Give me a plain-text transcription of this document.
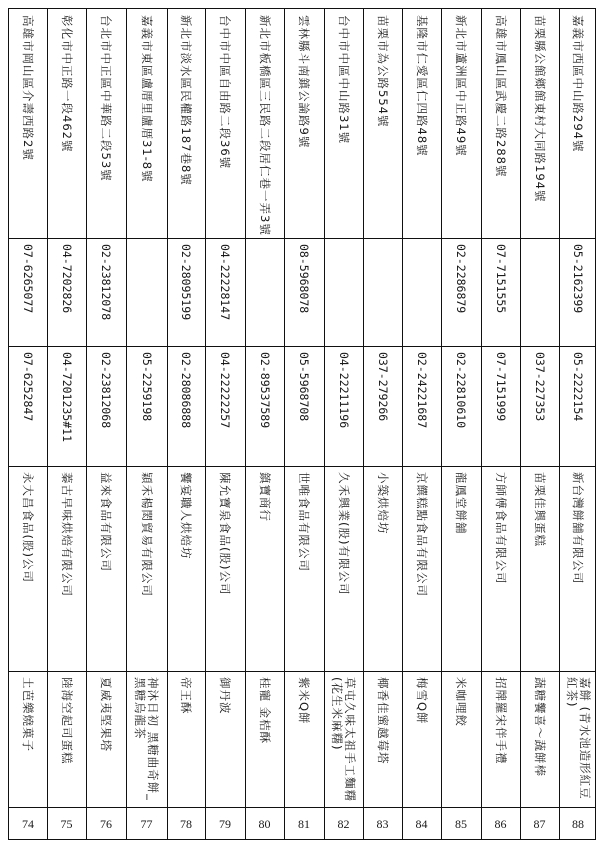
74
土芭樂燒菓子
永大昌食品(股)公司
07-6252847
07-6265077
高雄市岡山區介壽西路2號
75
陸海空起司蛋糕
蓁古早味烘焙有限公司
04-7201235#11
04-7202826
彰化市中正路一段462號
76
夏威夷堅果塔
益來食品有限公司
02-23812068
02-23812078
台北市中正區中華路二段53號
77
神沐日初 黑糖曲奇餅_黑糖烏龍茶
穎禾楊閎貿易有限公司
05-2259198
嘉義市東區盧厝里盧厝31-8號
78
帝王酥
饗宴職人烘焙坊
02-28086888
02-28095199
新北市淡水區民權路187巷8號
79
御丹波
陳允寶泉食品(股)公司
04-22222257
04-22228147
台中市中區自由路二段36號
80
桂寵 金桔酥
鎮寶商行
02-89537589
新北市板橋區三民路二段居仁巷一弄3號
81
紫米Q餅
世唯食品有限公司
05-5968708
08-5968078
雲林縣斗南鎮公論路9號
82
草屯久味太祖手工麵糬(花生米麻糬)
久禾興業(股)有限公司
04-22211196
台中市中區中山路31號
83
椰香佳蜜越莓塔
小築烘焙坊
037-279266
苗栗市為公路554號
84
梅雪Q餅
京饌糕點食品有限公司
02-24221687
基隆市仁愛區仁四路48號
85
米咖哩餃
龍鳳堂餅舖
02-22810610
02-2286879
新北市蘆洲區中正路49號
86
招牌羅宋伴手禮
方師傅食品有限公司
07-7151999
07-7151555
高雄市鳳山區武慶二路288號
87
蔬糖饗喜～蔬餅棒
苗栗佳興蛋糕
037-227353
苗栗縣公館鄉館東村大同路194號
88
嘉餅 (青水池造形紅豆紅茶)
新台灣餅舖有限公司
05-2222154
05-2162399
嘉義市西區中山路294號
